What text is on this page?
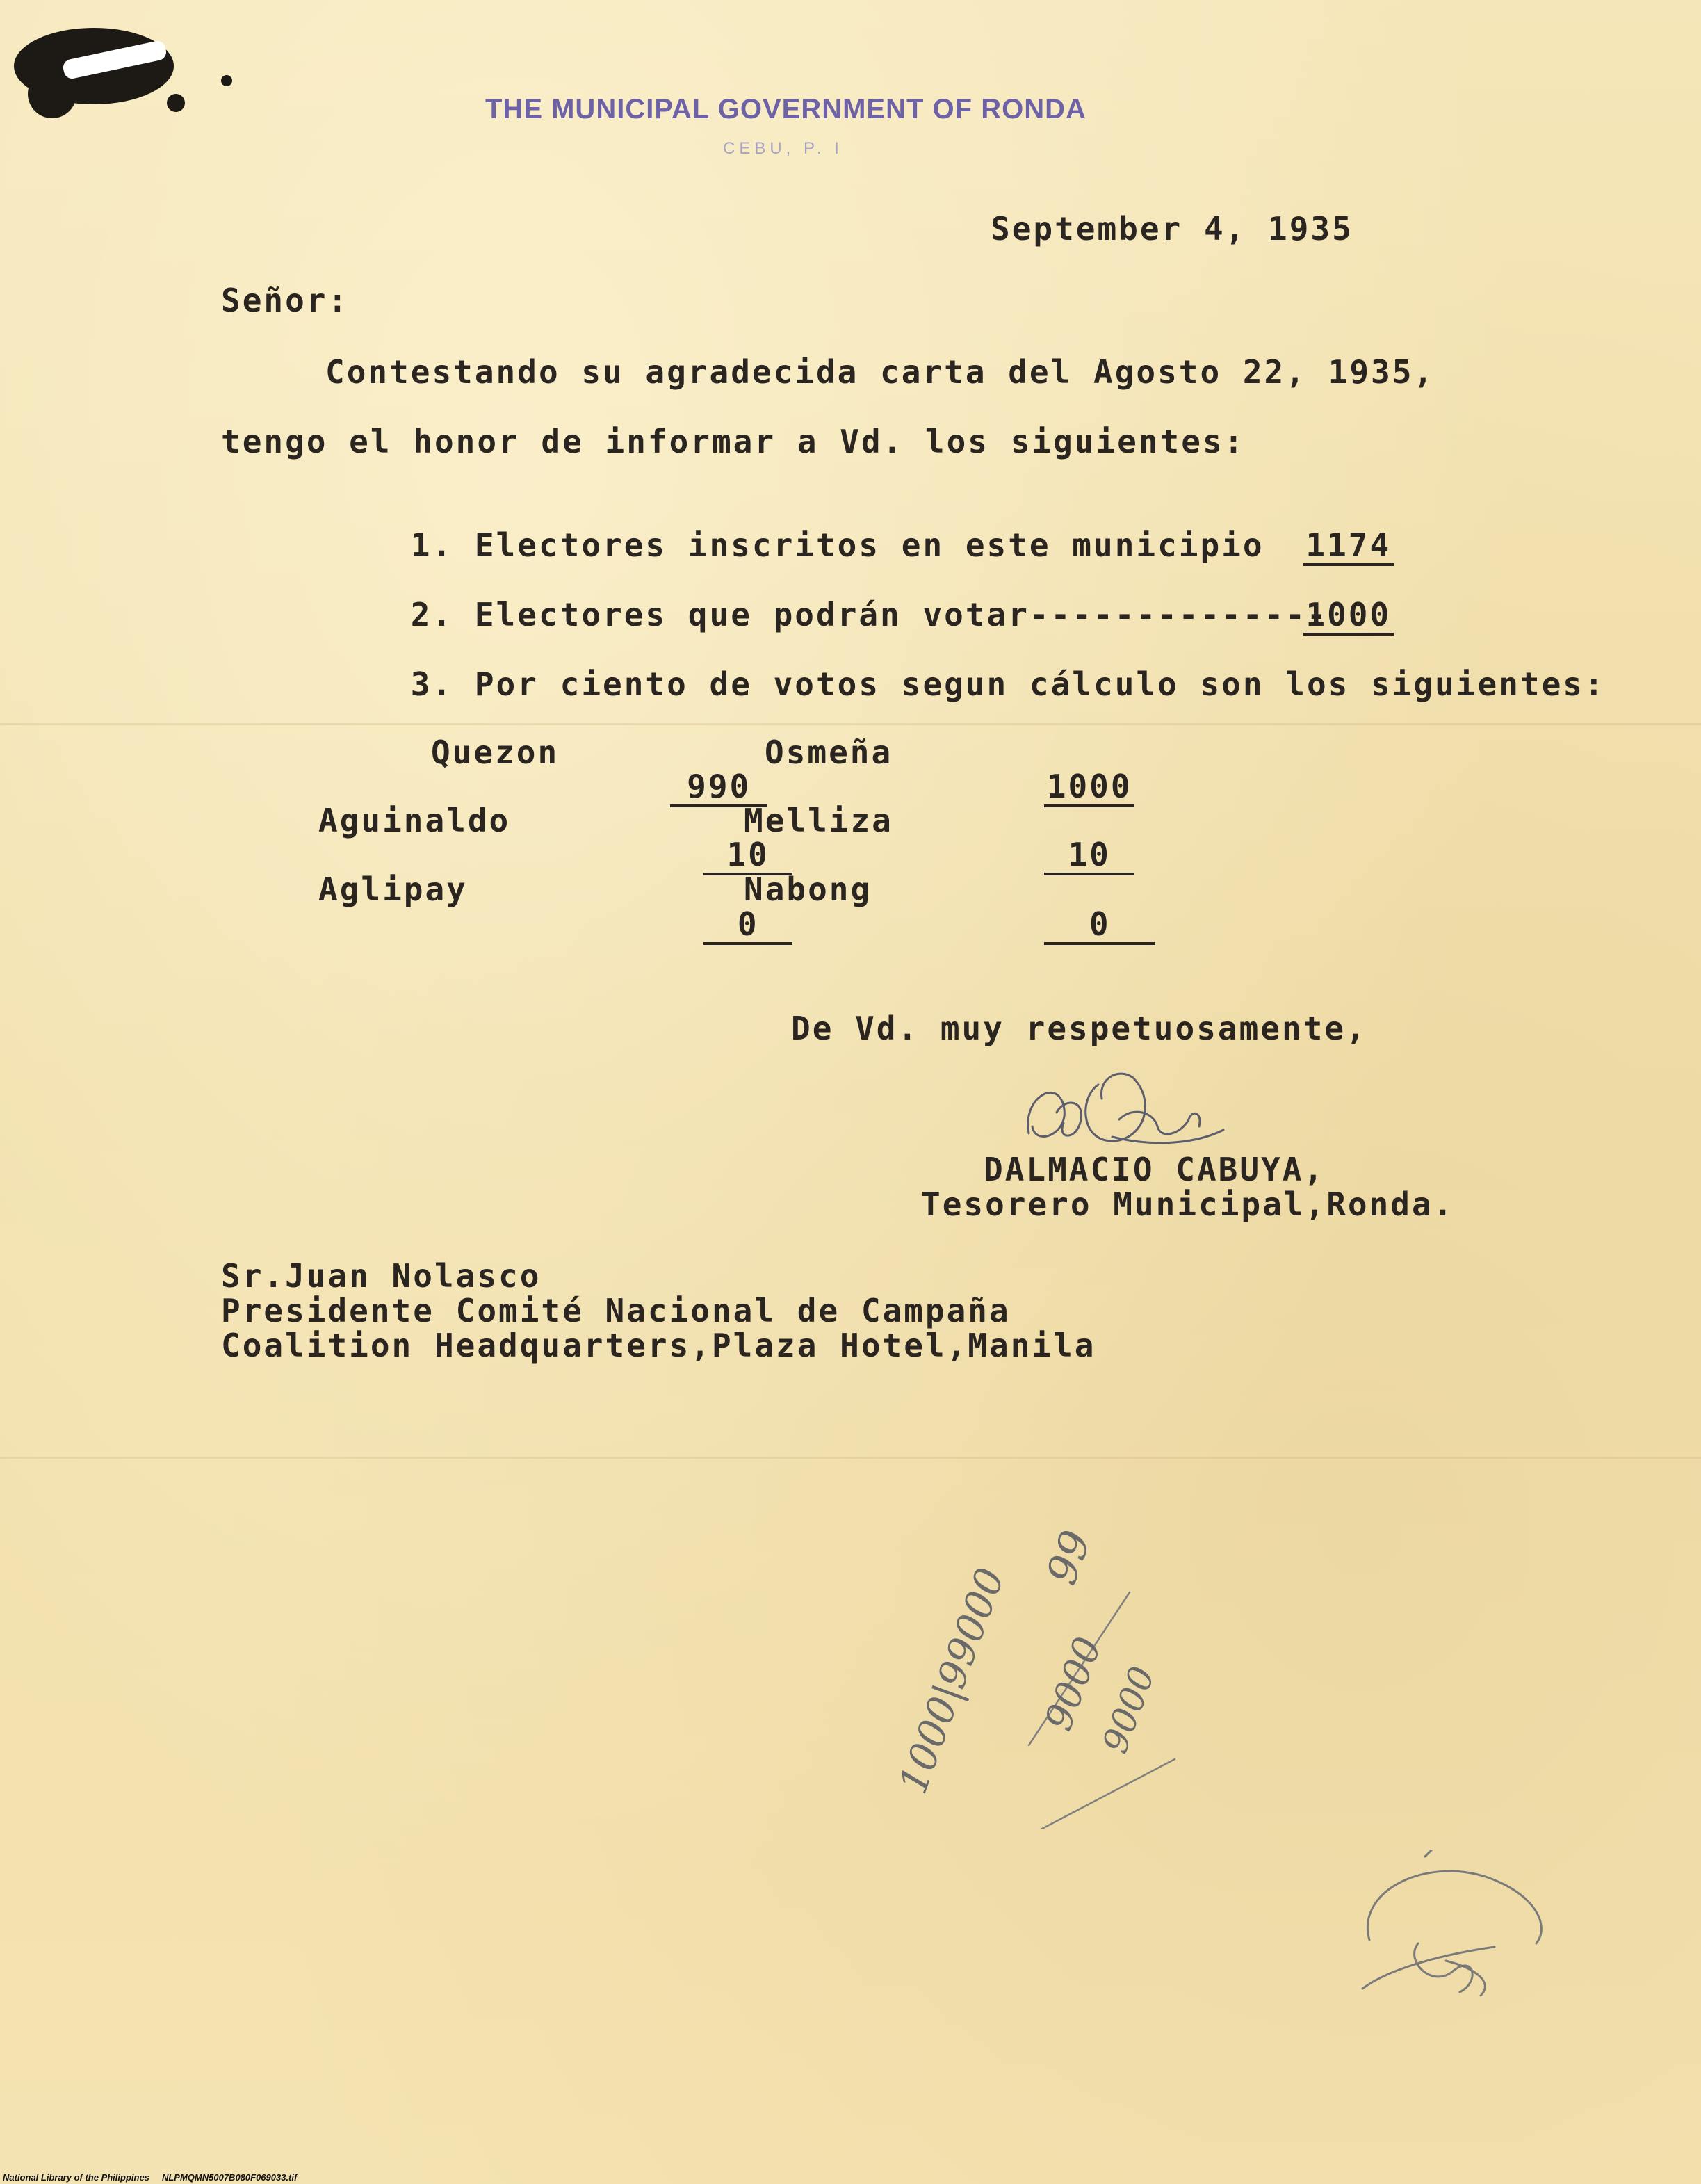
THE MUNICIPAL GOVERNMENT OF RONDA
CEBU, P. I
September 4, 1935
Señor:
Contestando su agradecida carta del Agosto 22, 1935,
tengo el honor de informar a Vd. los siguientes:

1. Electores inscritos en este municipio
	1174

2. Electores que podrán votar--------------

1000

3. Por ciento de votos segun cálculo son los siguientes:

Quezon

990

Osmeña

1000

Aguinaldo

10

Melliza

10

Aglipay

0

Nabong

0

De Vd. muy respetuosamente,
DALMACIO CABUYA,
Tesorero Municipal,Ronda.
Sr.Juan Nolasco
Presidente Comité Nacional de Campaña
Coalition Headquarters,Plaza Hotel,Manila
99
1000|99000 9000
9000
National Library of the Philippines     NLPMQMN5007B080F069033.tif
